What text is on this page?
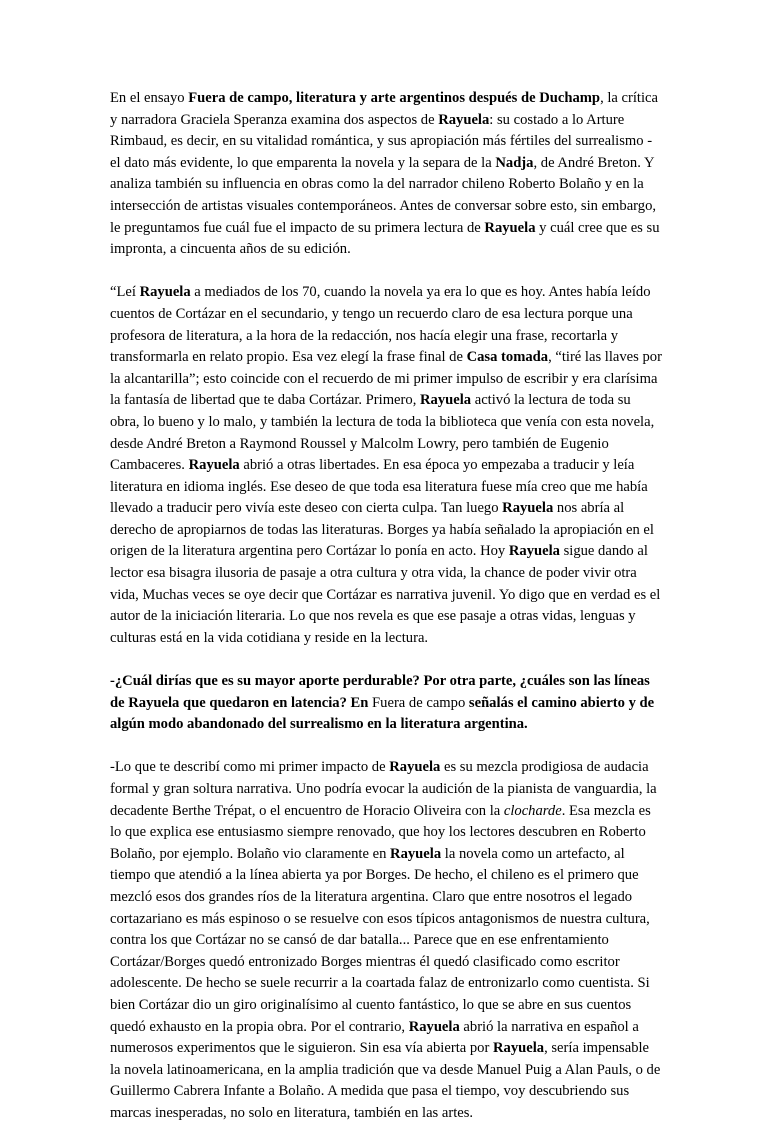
En el ensayo Fuera de campo, literatura y arte argentinos después de Duchamp, la crítica y narradora Graciela Speranza examina dos aspectos de Rayuela: su costado a lo Arture Rimbaud, es decir, en su vitalidad romántica, y sus apropiación más fértiles del surrealismo - el dato más evidente, lo que emparenta la novela y la separa de la Nadja, de André Breton. Y analiza también su influencia en obras como la del narrador chileno Roberto Bolaño y en la intersección de artistas visuales contemporáneos. Antes de conversar sobre esto, sin embargo, le preguntamos fue cuál fue el impacto de su primera lectura de Rayuela y cuál cree que es su impronta, a cincuenta años de su edición.

“Leí Rayuela a mediados de los 70, cuando la novela ya era lo que es hoy. Antes había leído cuentos de Cortázar en el secundario, y tengo un recuerdo claro de esa lectura porque una profesora de literatura, a la hora de la redacción, nos hacía elegir una frase, recortarla y transformarla en relato propio. Esa vez elegí la frase final de Casa tomada, “tiré las llaves por la alcantarilla”; esto coincide con el recuerdo de mi primer impulso de escribir y era clarísima la fantasía de libertad que te daba Cortázar. Primero, Rayuela activó la lectura de toda su obra, lo bueno y lo malo, y también la lectura de toda la biblioteca que venía con esta novela, desde André Breton a Raymond Roussel y Malcolm Lowry, pero también de Eugenio Cambaceres. Rayuela abrió a otras libertades. En esa época yo empezaba a traducir y leía literatura en idioma inglés. Ese deseo de que toda esa literatura fuese mía creo que me había llevado a traducir pero vivía este deseo con cierta culpa. Tan luego Rayuela nos abría al derecho de apropiarnos de todas las literaturas. Borges ya había señalado la apropiación en el origen de la literatura argentina pero Cortázar lo ponía en acto. Hoy Rayuela sigue dando al lector esa bisagra ilusoria de pasaje a otra cultura y otra vida, la chance de poder vivir otra vida, Muchas veces se oye decir que Cortázar es narrativa juvenil. Yo digo que en verdad es el autor de la iniciación literaria. Lo que nos revela es que ese pasaje a otras vidas, lenguas y culturas está en la vida cotidiana y reside en la lectura.

-¿Cuál dirías que es su mayor aporte perdurable? Por otra parte, ¿cuáles son las líneas de Rayuela que quedaron en latencia? En Fuera de campo señalás el camino abierto y de algún modo abandonado del surrealismo en la literatura argentina.

-Lo que te describí como mi primer impacto de Rayuela es su mezcla prodigiosa de audacia formal y gran soltura narrativa. Uno podría evocar la audición de la pianista de vanguardia, la decadente Berthe Trépat, o el encuentro de Horacio Oliveira con la clocharde. Esa mezcla es lo que explica ese entusiasmo siempre renovado, que hoy los lectores descubren en Roberto Bolaño, por ejemplo. Bolaño vio claramente en Rayuela la novela como un artefacto, al tiempo que atendió a la línea abierta ya por Borges. De hecho, el chileno es el primero que mezcló esos dos grandes ríos de la literatura argentina. Claro que entre nosotros el legado cortazariano es más espinoso o se resuelve con esos típicos antagonismos de nuestra cultura, contra los que Cortázar no se cansó de dar batalla... Parece que en ese enfrentamiento Cortázar/Borges quedó entronizado Borges mientras él quedó clasificado como escritor adolescente. De hecho se suele recurrir a la coartada falaz de entronizarlo como cuentista. Si bien Cortázar dio un giro originalísimo al cuento fantástico, lo que se abre en sus cuentos quedó exhausto en la propia obra. Por el contrario, Rayuela abrió la narrativa en español a numerosos experimentos que le siguieron. Sin esa vía abierta por Rayuela, sería impensable la novela latinoamericana, en la amplia tradición que va desde Manuel Puig a Alan Pauls, o de Guillermo Cabrera Infante a Bolaño. A medida que pasa el tiempo, voy descubriendo sus marcas inesperadas, no solo en literatura, también en las artes.
